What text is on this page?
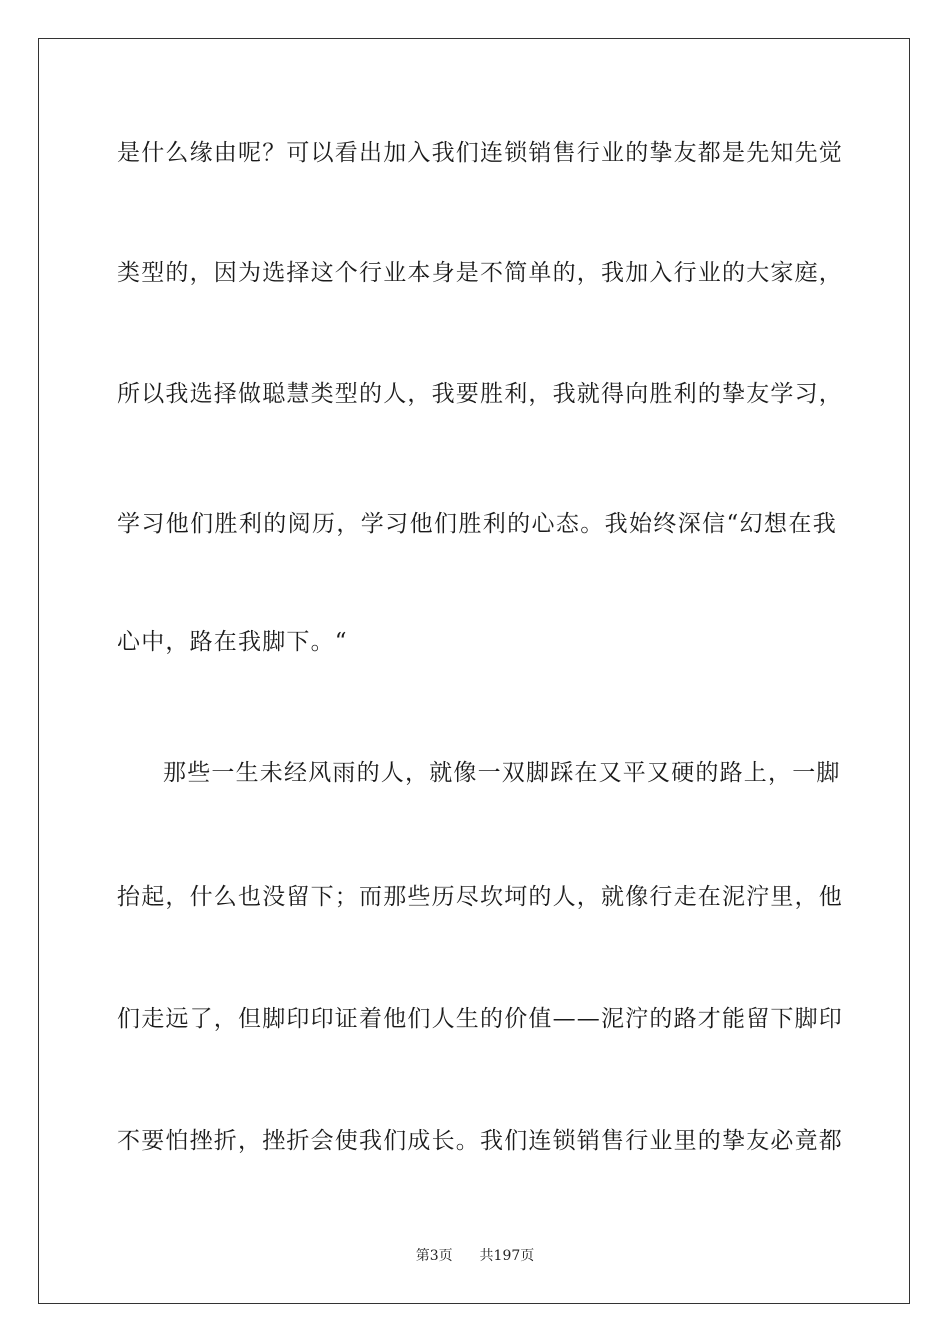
是什么缘由呢？可以看出加入我们连锁销售行业的挚友都是先知先觉
类型的，因为选择这个行业本身是不简单的，我加入行业的大家庭，
所以我选择做聪慧类型的人，我要胜利，我就得向胜利的挚友学习，
学习他们胜利的阅历，学习他们胜利的心态。我始终深信“幻想在我
心中，路在我脚下。“
那些一生未经风雨的人，就像一双脚踩在又平又硬的路上，一脚
抬起，什么也没留下；而那些历尽坎坷的人，就像行走在泥泞里，他
们走远了，但脚印印证着他们人生的价值——泥泞的路才能留下脚印
不要怕挫折，挫折会使我们成长。我们连锁销售行业里的挚友必竟都
第3页 共197页
